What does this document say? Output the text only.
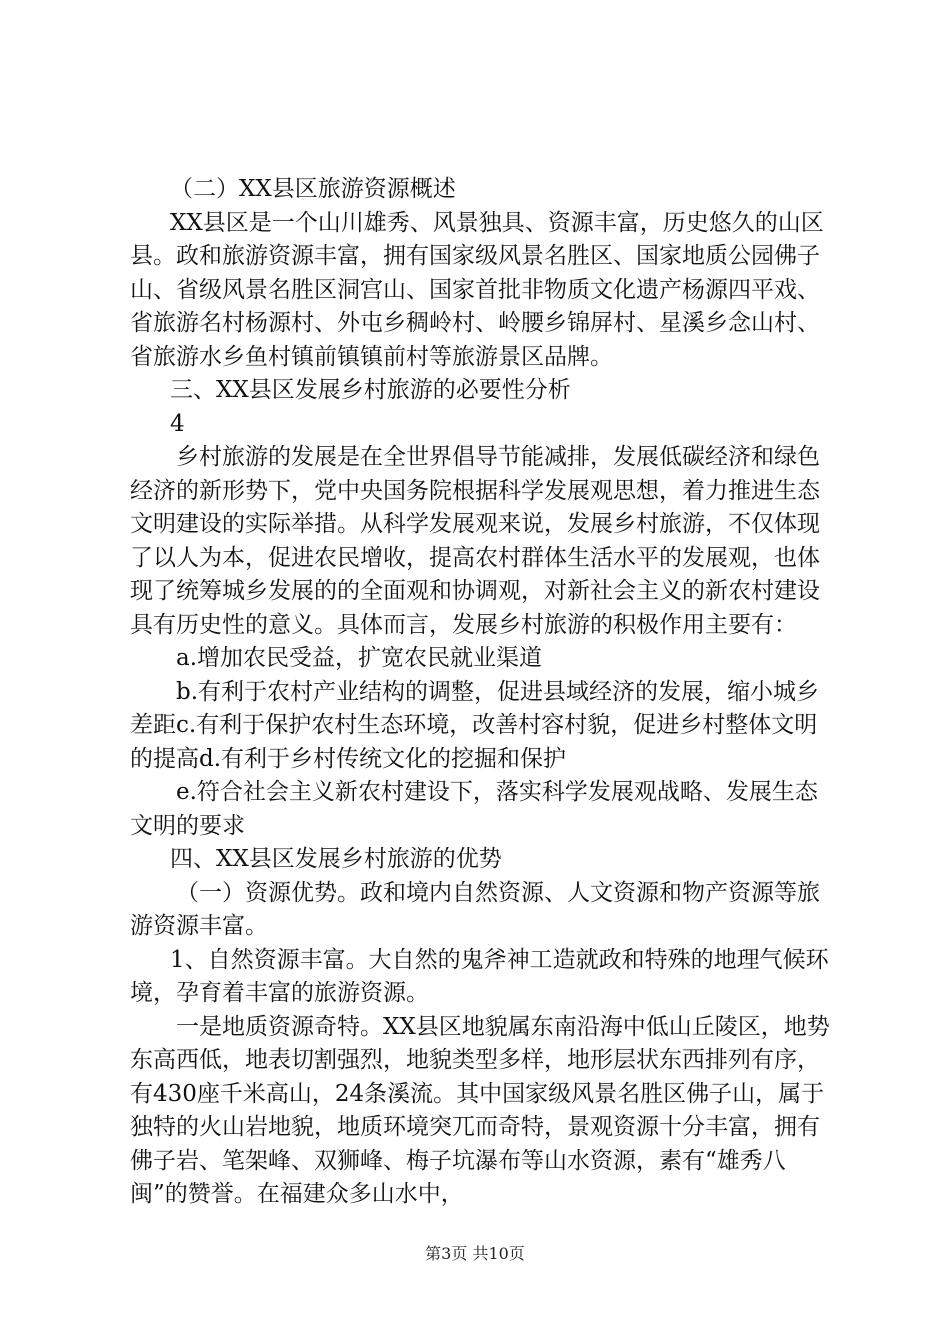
（二）XX县区旅游资源概述

XX县区是一个山川雄秀、风景独具、资源丰富，历史悠久的山区县。政和旅游资源丰富，拥有国家级风景名胜区、国家地质公园佛子山、省级风景名胜区洞宫山、国家首批非物质文化遗产杨源四平戏、省旅游名村杨源村、外屯乡稠岭村、岭腰乡锦屏村、星溪乡念山村、省旅游水乡鱼村镇前镇镇前村等旅游景区品牌。

三、XX县区发展乡村旅游的必要性分析

4

乡村旅游的发展是在全世界倡导节能减排，发展低碳经济和绿色经济的新形势下，党中央国务院根据科学发展观思想，着力推进生态文明建设的实际举措。从科学发展观来说，发展乡村旅游，不仅体现了以人为本，促进农民增收，提高农村群体生活水平的发展观，也体现了统筹城乡发展的的全面观和协调观，对新社会主义的新农村建设具有历史性的意义。具体而言，发展乡村旅游的积极作用主要有：

a.增加农民受益，扩宽农民就业渠道

b.有利于农村产业结构的调整，促进县域经济的发展，缩小城乡差距c.有利于保护农村生态环境，改善村容村貌，促进乡村整体文明的提高d.有利于乡村传统文化的挖掘和保护

e.符合社会主义新农村建设下，落实科学发展观战略、发展生态文明的要求

四、XX县区发展乡村旅游的优势

（一）资源优势。政和境内自然资源、人文资源和物产资源等旅游资源丰富。

1、自然资源丰富。大自然的鬼斧神工造就政和特殊的地理气候环境，孕育着丰富的旅游资源。

一是地质资源奇特。XX县区地貌属东南沿海中低山丘陵区，地势东高西低，地表切割强烈，地貌类型多样，地形层状东西排列有序，有430座千米高山，24条溪流。其中国家级风景名胜区佛子山，属于独特的火山岩地貌，地质环境突兀而奇特，景观资源十分丰富，拥有佛子岩、笔架峰、双狮峰、梅子坑瀑布等山水资源，素有“雄秀八闽”的赞誉。在福建众多山水中，

第3页 共10页
